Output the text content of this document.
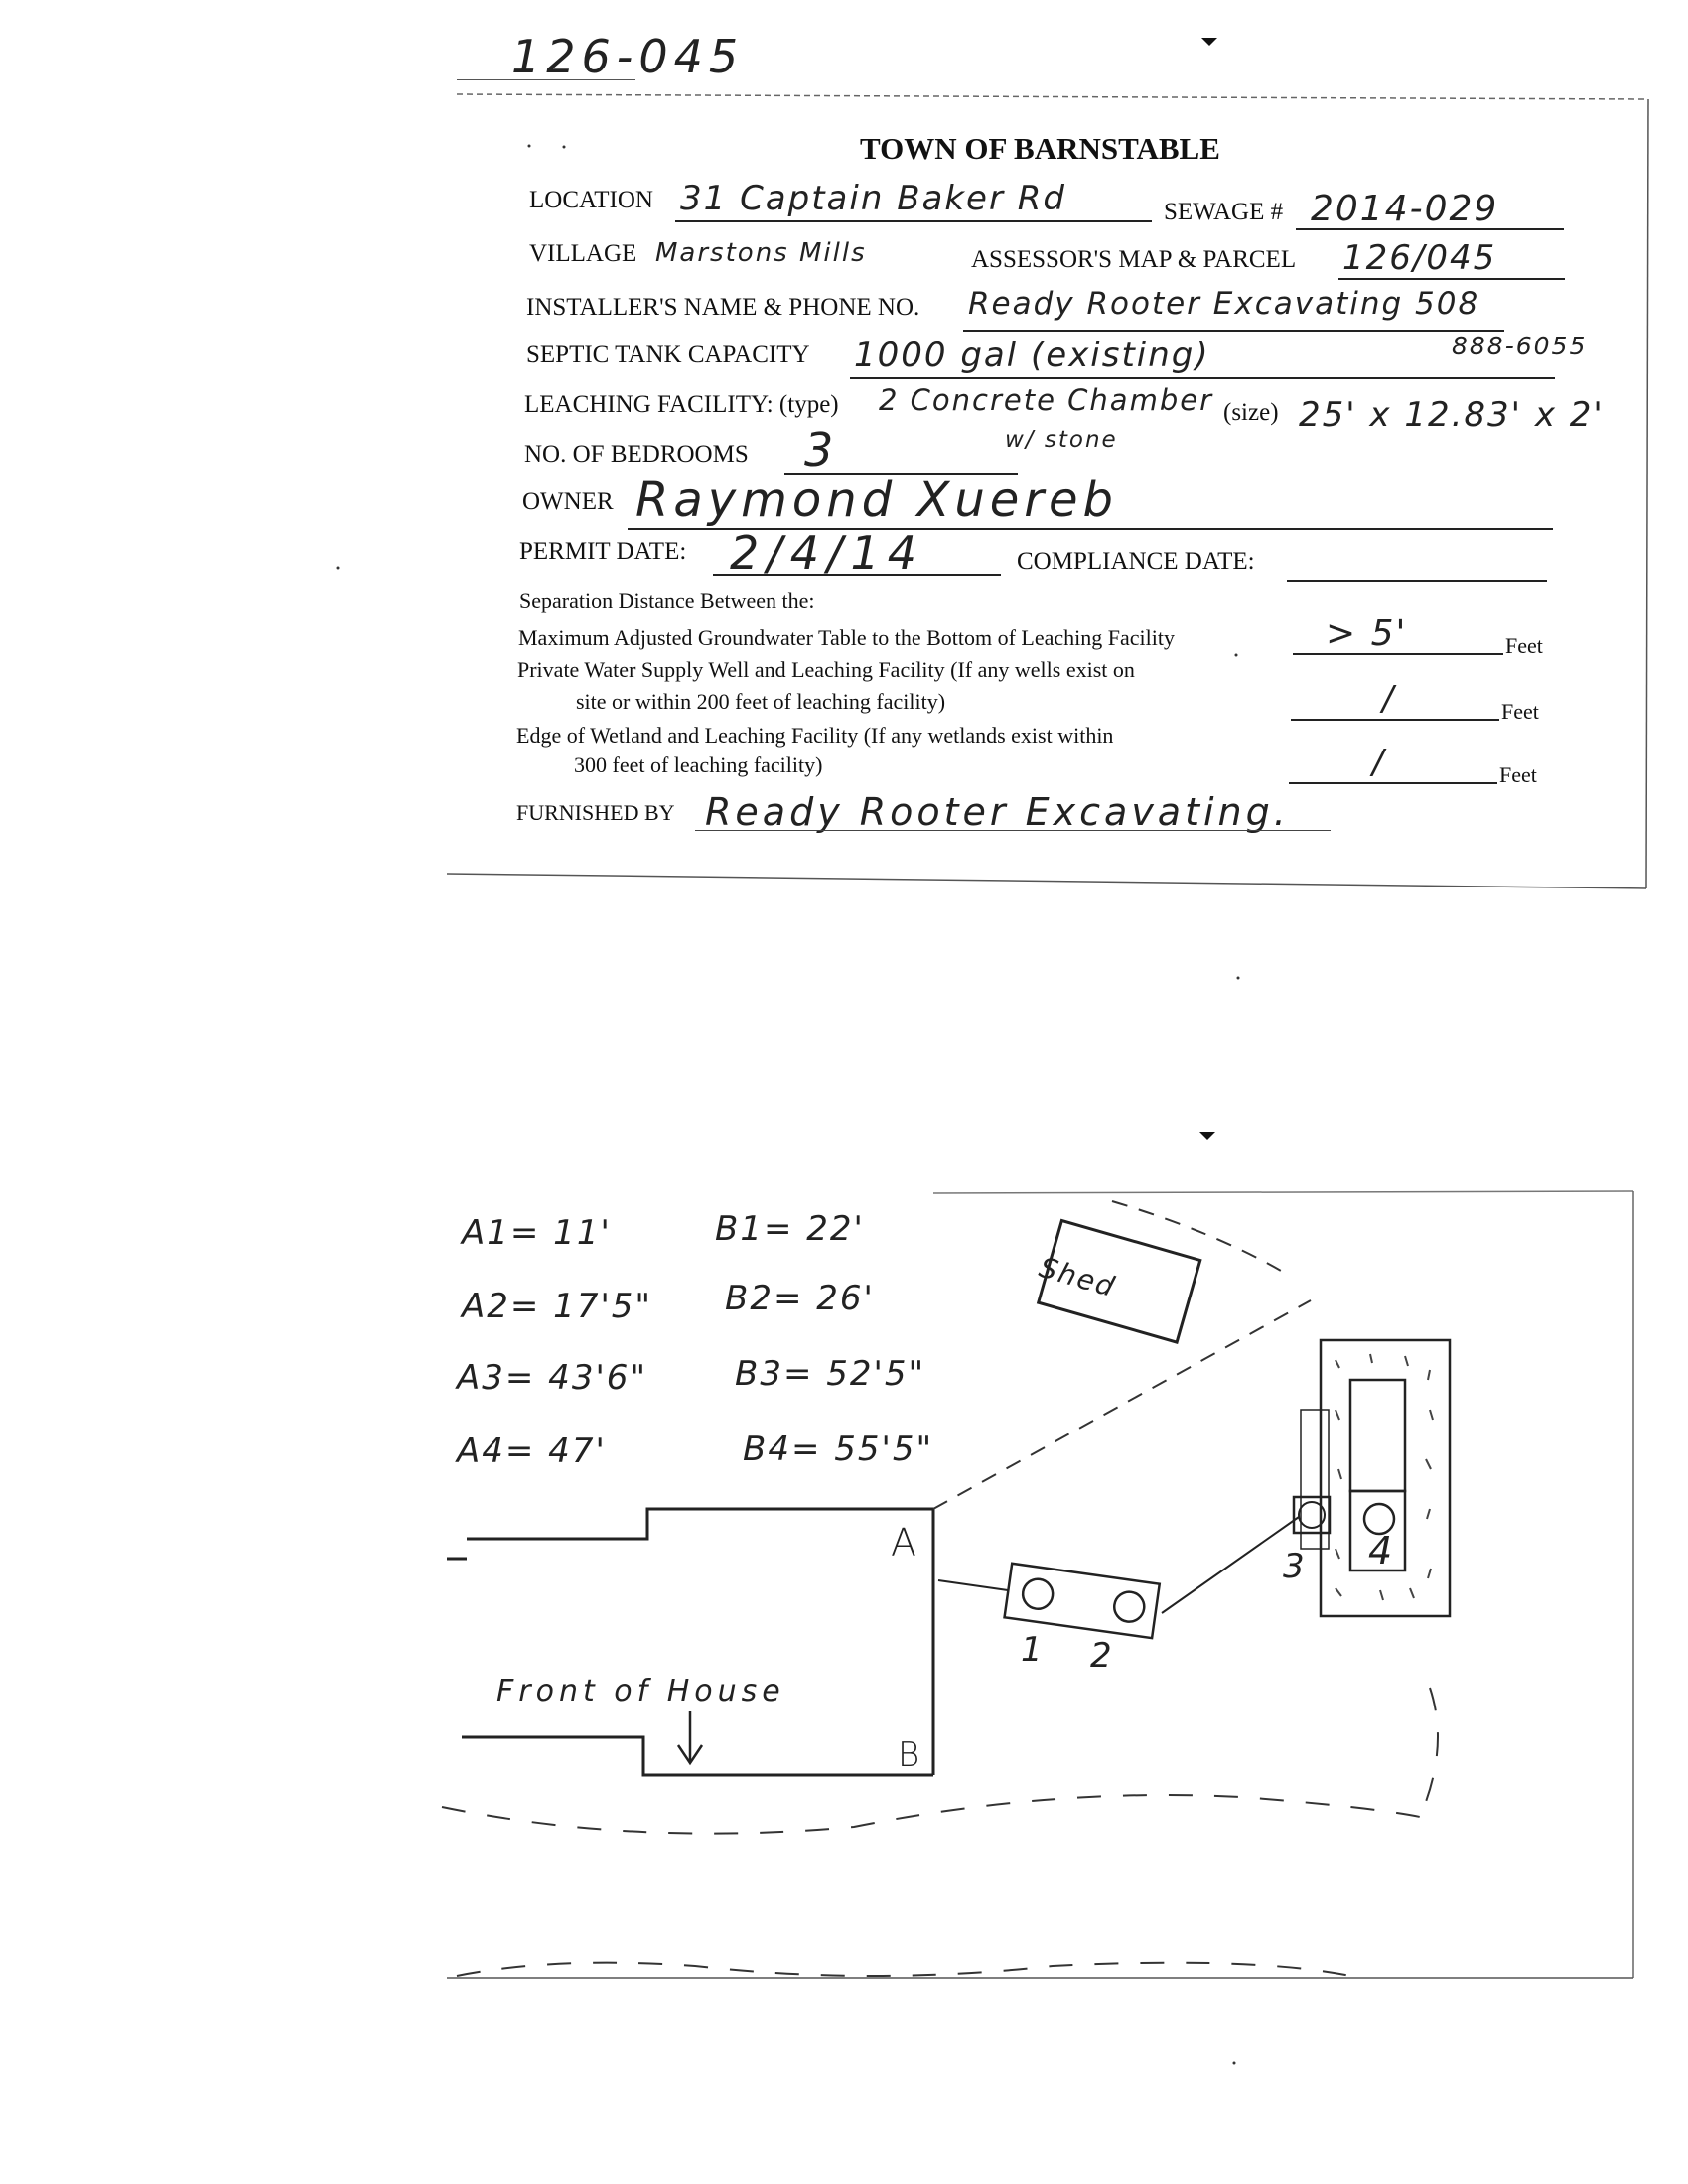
126-045
TOWN OF BARNSTABLE
LOCATION 31 Captain Baker Rd	SEWAGE # 2014-029
VILLAGE Marstons Mills	ASSESSOR'S MAP & PARCEL 126/045
INSTALLER'S NAME & PHONE NO. Ready Rooter Excavating 508
888-6055
SEPTIC TANK CAPACITY 1000 gal (existing)
LEACHING FACILITY: (type) 2 Concrete Chamber (size) 25' x 12.83' x 2'
w/ stone
NO. OF BEDROOMS 3
OWNER Raymond Xuereb
PERMIT DATE: 2/4/14	COMPLIANCE DATE:
Separation Distance Between the:
Maximum Adjusted Groundwater Table to the Bottom of Leaching Facility	> 5'	Feet
Private Water Supply Well and Leaching Facility (If any wells exist on
site or within 200 feet of leaching facility)	/	Feet
Edge of Wetland and Leaching Facility (If any wetlands exist within
300 feet of leaching facility)	/	Feet
FURNISHED BY Ready Rooter Excavating.
A1= 11'
A2= 17'5"
A3= 43'6"
A4= 47'
B1= 22'
B2= 26'
B3= 52'5"
B4= 55'5"
Shed
A
B
Front of House
1 2
3 4
